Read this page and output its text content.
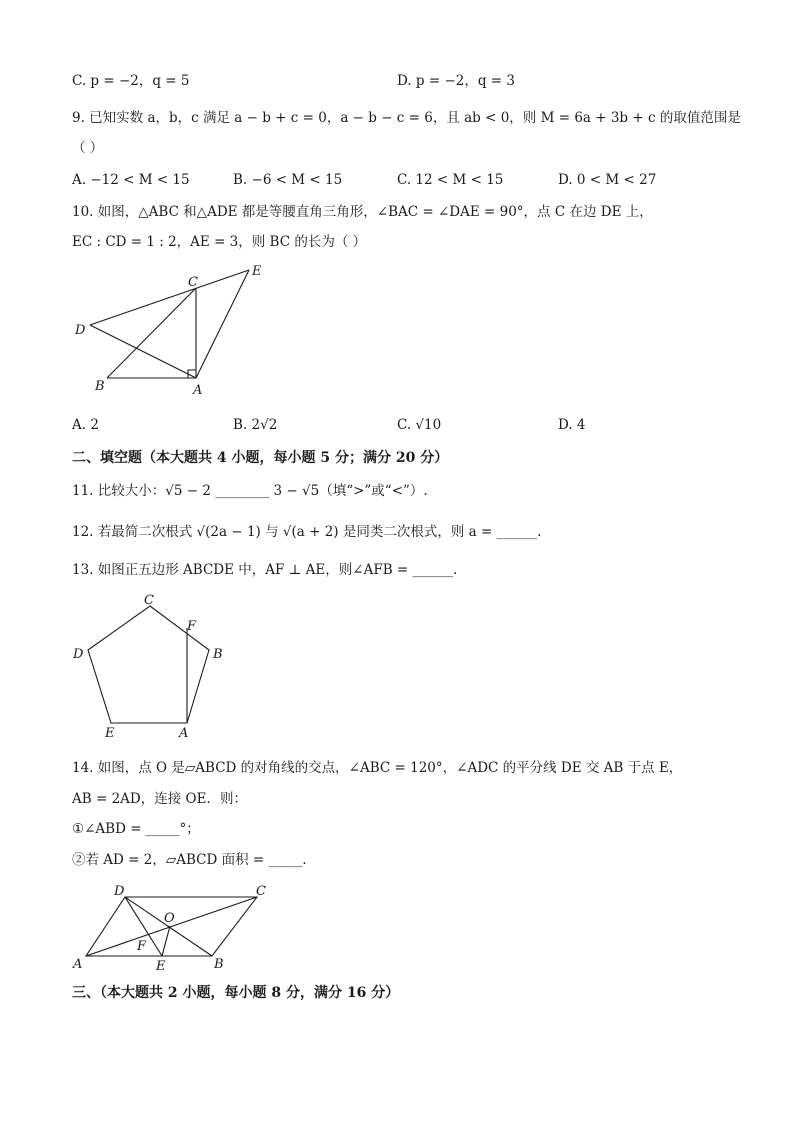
C. p = −2，q = 5	D. p = −2，q = 3
9. 已知实数 a，b，c 满足 a − b + c = 0，a − b − c = 6，且 ab < 0，则 M = 6a + 3b + c 的取值范围是
（ ）
A. −12 < M < 15	B. −6 < M < 15	C. 12 < M < 15	D. 0 < M < 27
10. 如图，△ABC 和△ADE 都是等腰直角三角形，∠BAC = ∠DAE = 90°，点 C 在边 DE 上，
EC : CD = 1 : 2，AE = 3，则 BC 的长为（ ）
C
E
D
B	A
A. 2	B. 2√2	C. √10	D. 4
二、填空题（本大题共 4 小题，每小题 5 分；满分 20 分）
11. 比较大小：√5 − 2 ________ 3 − √5（填“>”或“<”）.
12. 若最简二次根式 √(2a − 1) 与 √(a + 2) 是同类二次根式，则 a = ______.
13. 如图正五边形 ABCDE 中，AF ⊥ AE，则∠AFB = ______.
C
F
D	B
E	A
14. 如图，点 O 是▱ABCD 的对角线的交点，∠ABC = 120°，∠ADC 的平分线 DE 交 AB 于点 E，
AB = 2AD，连接 OE．则：
①∠ABD = _____°；
②若 AD = 2，▱ABCD 面积 = _____.
D	C
O
F
A	E	B
三、（本大题共 2 小题，每小题 8 分，满分 16 分）
